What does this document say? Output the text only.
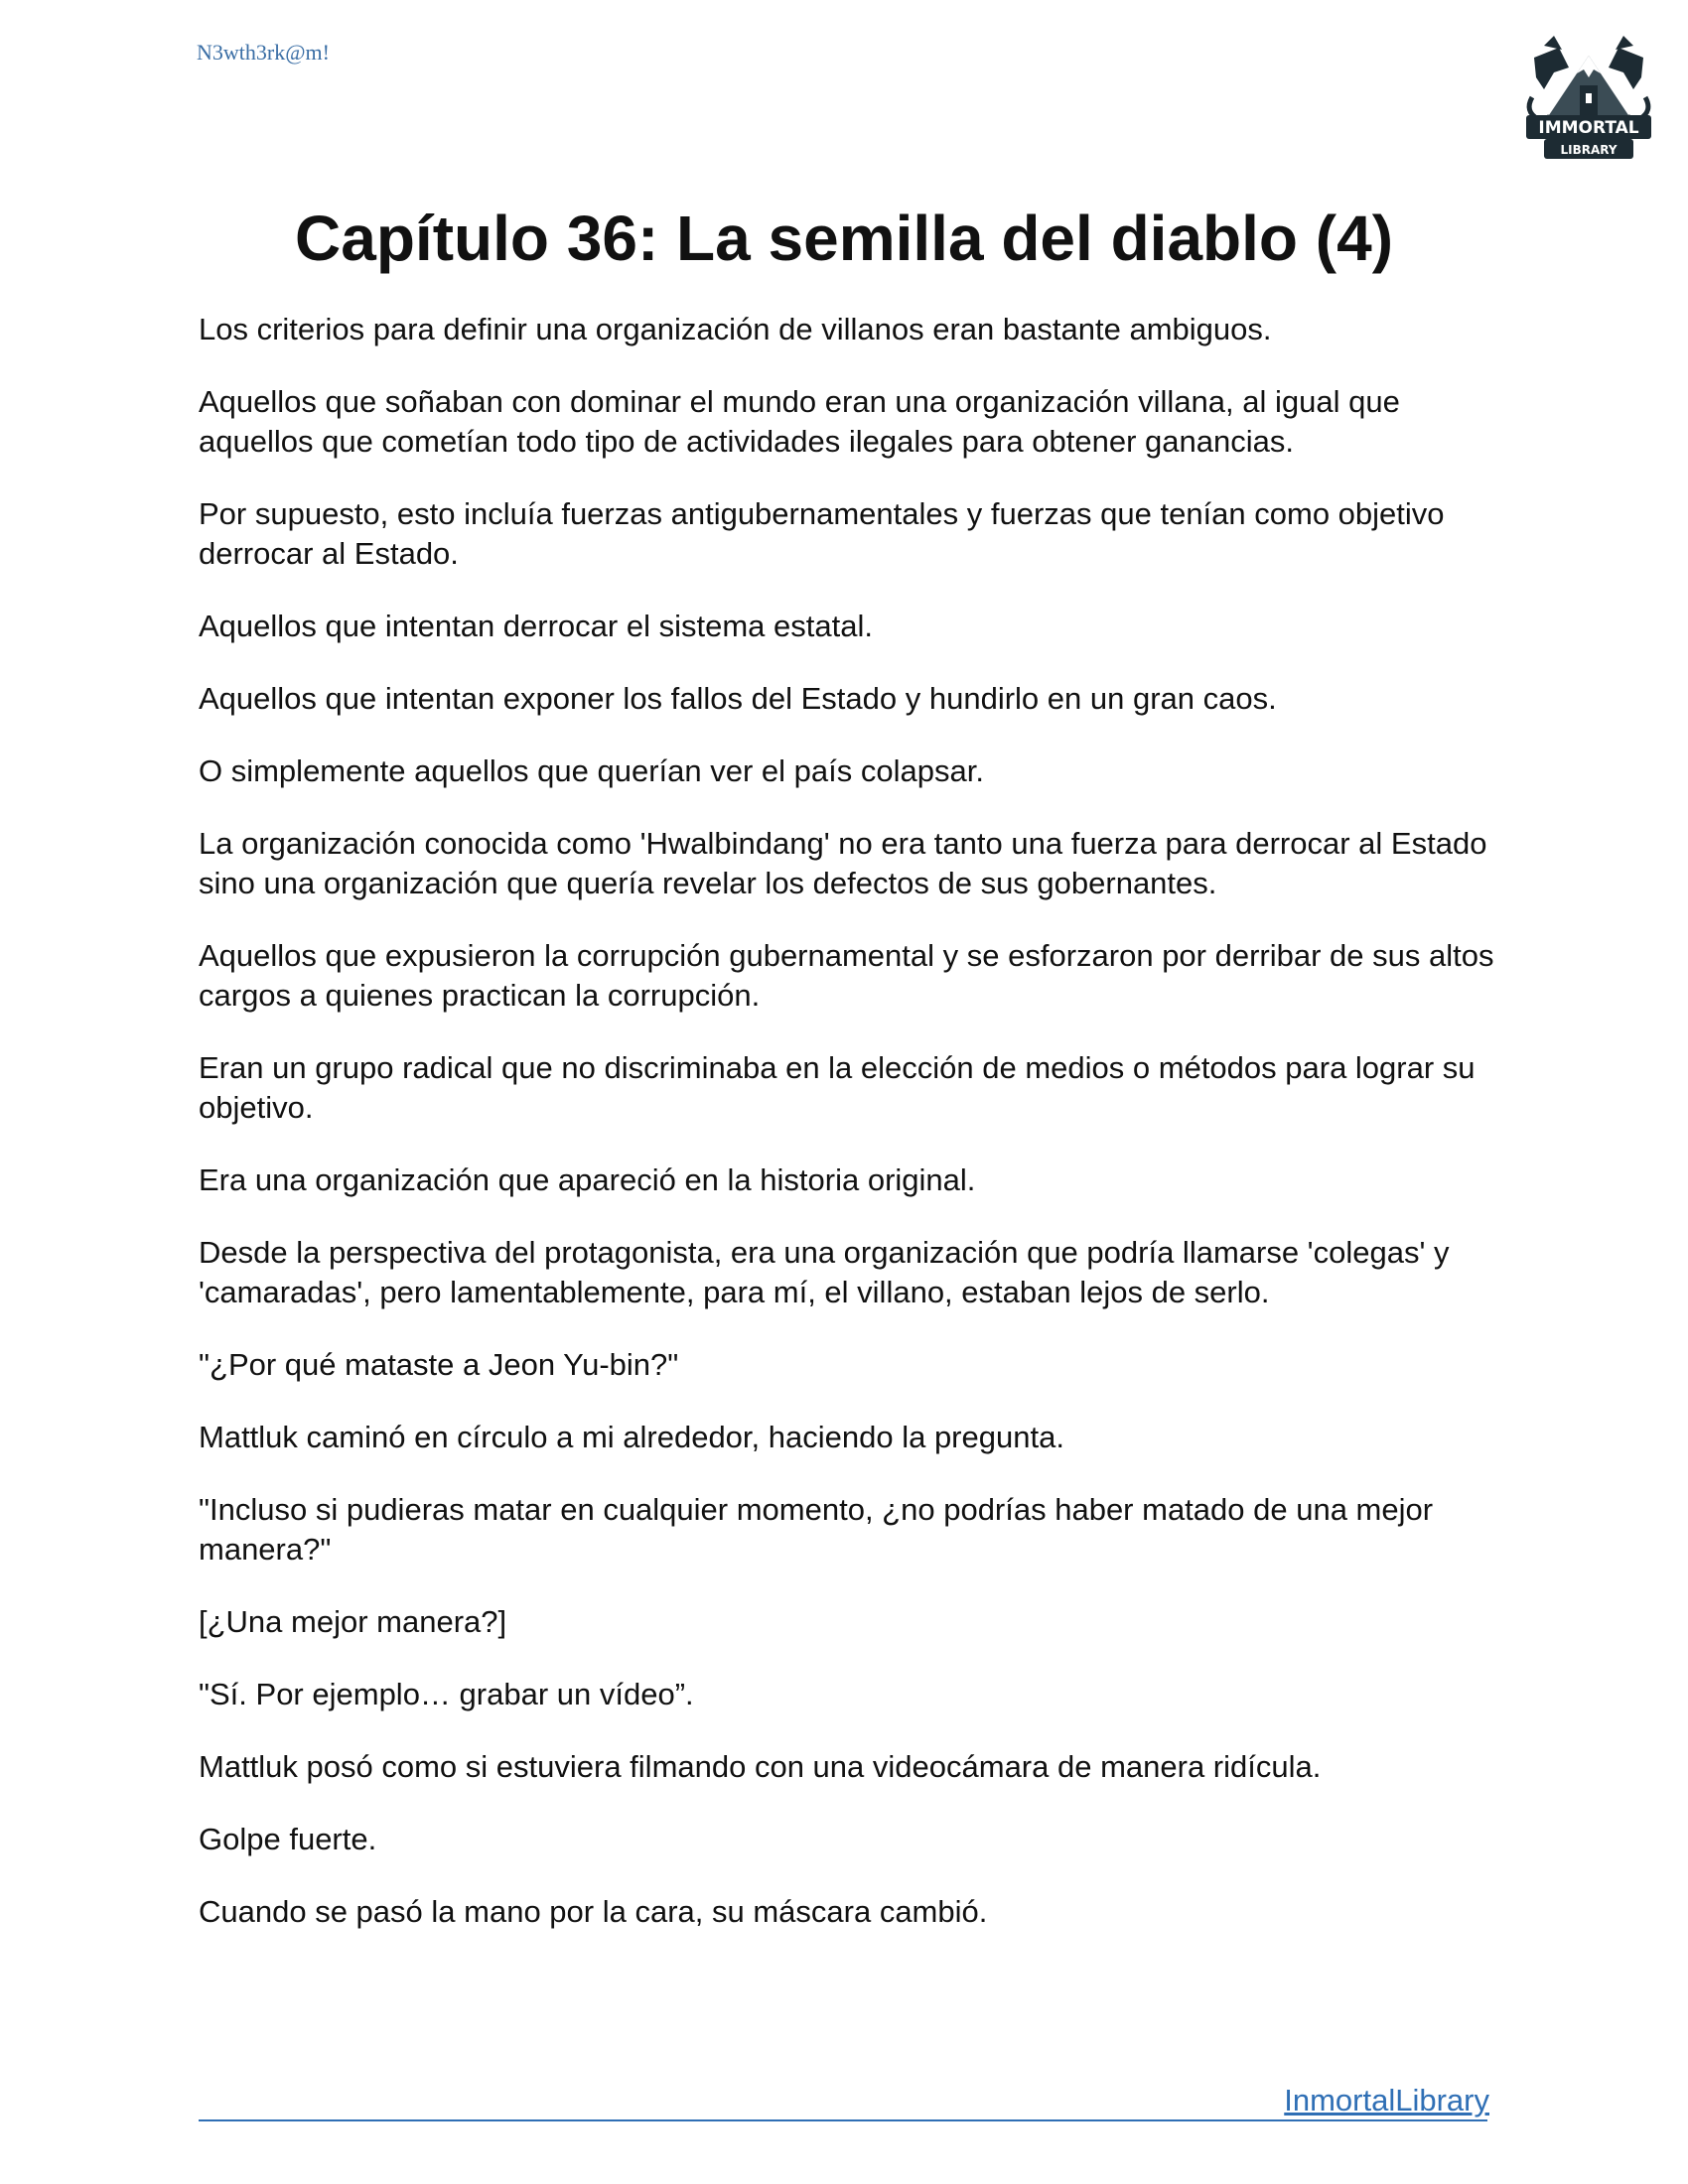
N3wth3rk@m!
IMMORTAL
LIBRARY
Capítulo 36: La semilla del diablo (4)

Los criterios para definir una organización de villanos eran bastante ambiguos.

Aquellos que soñaban con dominar el mundo eran una organización villana, al igual que aquellos que cometían todo tipo de actividades ilegales para obtener ganancias.

Por supuesto, esto incluía fuerzas antigubernamentales y fuerzas que tenían como objetivo derrocar al Estado.

Aquellos que intentan derrocar el sistema estatal.

Aquellos que intentan exponer los fallos del Estado y hundirlo en un gran caos.

O simplemente aquellos que querían ver el país colapsar.

La organización conocida como 'Hwalbindang' no era tanto una fuerza para derrocar al Estado sino una organización que quería revelar los defectos de sus gobernantes.

Aquellos que expusieron la corrupción gubernamental y se esforzaron por derribar de sus altos cargos a quienes practican la corrupción.

Eran un grupo radical que no discriminaba en la elección de medios o métodos para lograr su objetivo.

Era una organización que apareció en la historia original.

Desde la perspectiva del protagonista, era una organización que podría llamarse 'colegas' y 'camaradas', pero lamentablemente, para mí, el villano, estaban lejos de serlo.

"¿Por qué mataste a Jeon Yu-bin?"

Mattluk caminó en círculo a mi alrededor, haciendo la pregunta.

"Incluso si pudieras matar en cualquier momento, ¿no podrías haber matado de una mejor manera?"

[¿Una mejor manera?]

"Sí. Por ejemplo… grabar un vídeo”.

Mattluk posó como si estuviera filmando con una videocámara de manera ridícula.

Golpe fuerte.

Cuando se pasó la mano por la cara, su máscara cambió.

InmortalLibrary
